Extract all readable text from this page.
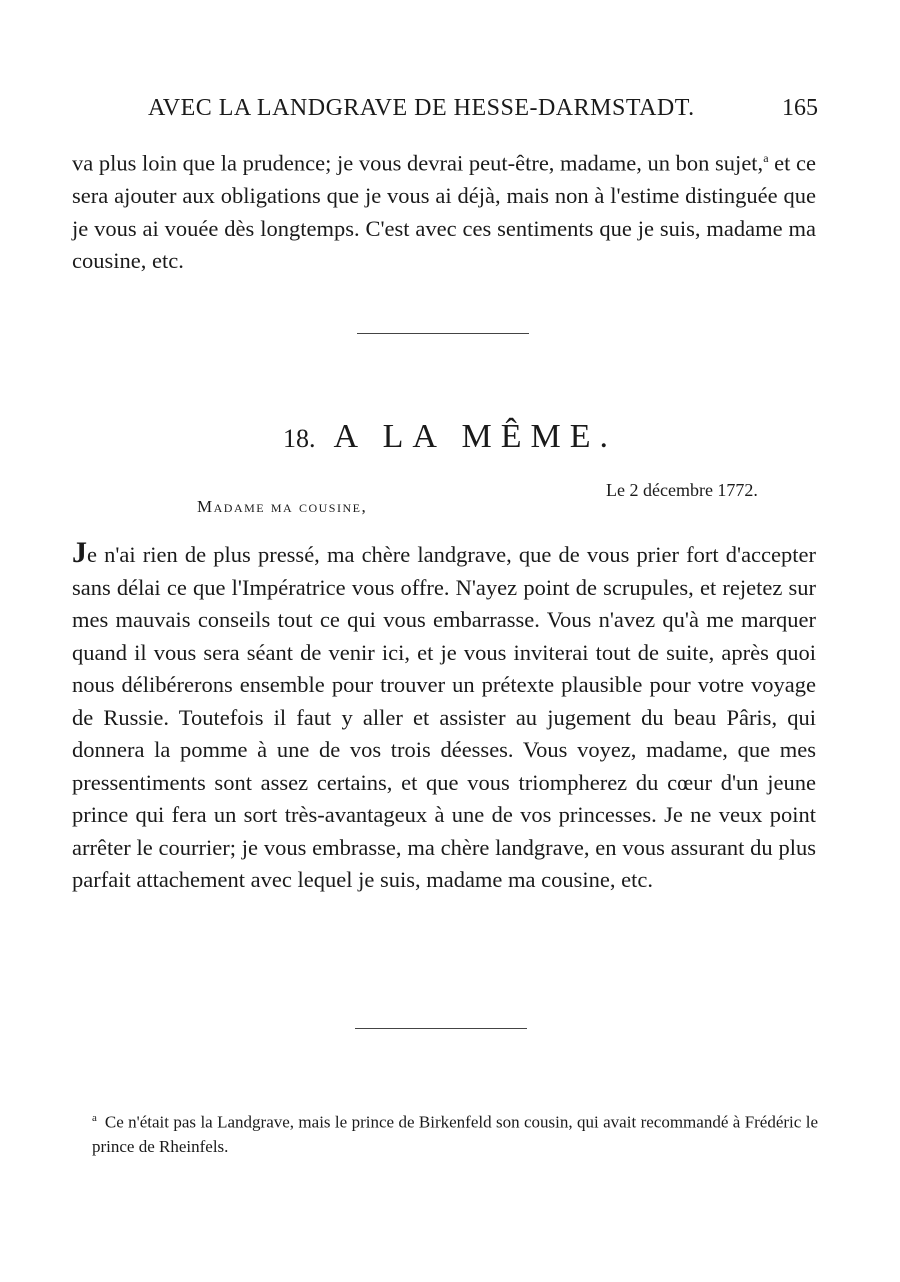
AVEC LA LANDGRAVE DE HESSE-DARMSTADT.	165

va plus loin que la prudence; je vous devrai peut-être, madame, un bon sujet,$^a$ et ce sera ajouter aux obligations que je vous ai déjà, mais non à l'estime distinguée que je vous ai vouée dès longtemps. C'est avec ces sentiments que je suis, madame ma cousine, etc.

18. A LA MÊME.
Le 2 décembre 1772.
Madame ma cousine,

Je n'ai rien de plus pressé, ma chère landgrave, que de vous prier fort d'accepter sans délai ce que l'Impératrice vous offre. N'ayez point de scrupules, et rejetez sur mes mauvais conseils tout ce qui vous embarrasse. Vous n'avez qu'à me marquer quand il vous sera séant de venir ici, et je vous inviterai tout de suite, après quoi nous délibérerons ensemble pour trouver un prétexte plausible pour votre voyage de Russie. Toutefois il faut y aller et assister au jugement du beau Pâris, qui donnera la pomme à une de vos trois déesses. Vous voyez, madame, que mes pressentiments sont assez certains, et que vous triompherez du cœur d'un jeune prince qui fera un sort très-avantageux à une de vos princesses. Je ne veux point arrêter le courrier; je vous embrasse, ma chère landgrave, en vous assurant du plus parfait attachement avec lequel je suis, madame ma cousine, etc.

$^a$ Ce n'était pas la Landgrave, mais le prince de Birkenfeld son cousin, qui avait recommandé à Frédéric le prince de Rheinfels.
